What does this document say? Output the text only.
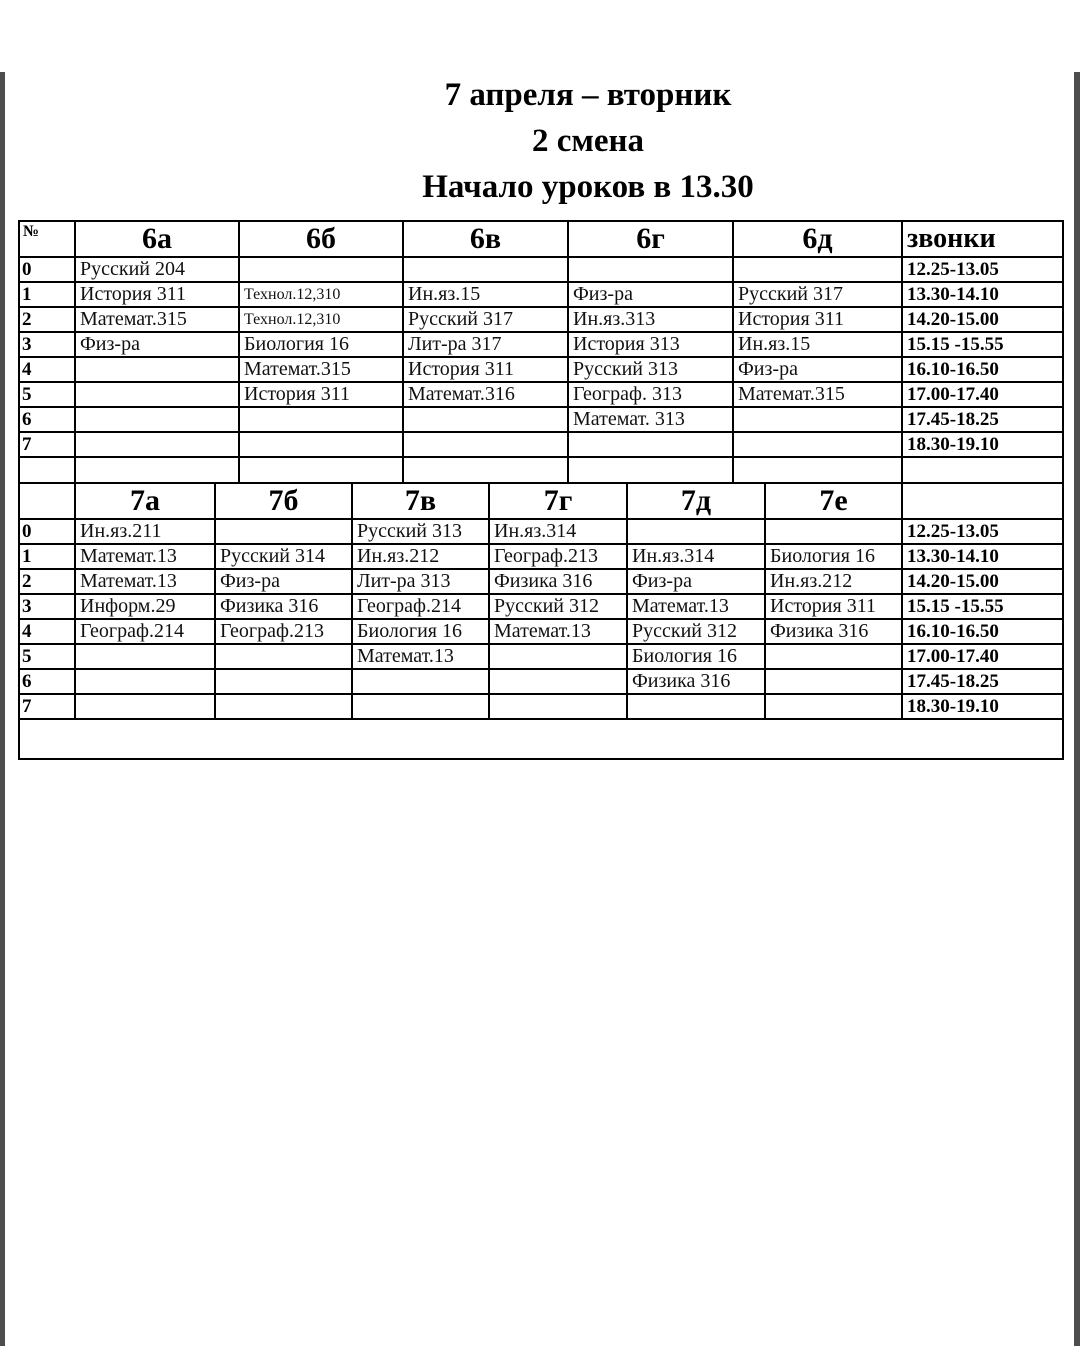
7 апреля – вторник
2 смена
Начало уроков в 13.30
№	6а	6б	6в	6г	6д	звонки
0	Русский 204					12.25-13.05
1	История 311	Технол.12,310	Ин.яз.15	Физ-ра	Русский 317	13.30-14.10
2	Математ.315	Технол.12,310	Русский 317	Ин.яз.313	История 311	14.20-15.00
3	Физ-ра	Биология 16	Лит-ра 317	История 313	Ин.яз.15	15.15 -15.55
4		Математ.315	История 311	Русский 313	Физ-ра	16.10-16.50
5		История 311	Математ.316	Географ. 313	Математ.315	17.00-17.40
6				Математ. 313		17.45-18.25
7						18.30-19.10

	7а	7б	7в	7г	7д	7е	
0	Ин.яз.211		Русский 313	Ин.яз.314			12.25-13.05
1	Математ.13	Русский 314	Ин.яз.212	Географ.213	Ин.яз.314	Биология 16	13.30-14.10
2	Математ.13	Физ-ра	Лит-ра 313	Физика 316	Физ-ра	Ин.яз.212	14.20-15.00
3	Информ.29	Физика 316	Географ.214	Русский 312	Математ.13	История 311	15.15 -15.55
4	Географ.214	Географ.213	Биология 16	Математ.13	Русский 312	Физика 316	16.10-16.50
5			Математ.13		Биология 16		17.00-17.40
6					Физика 316		17.45-18.25
7							18.30-19.10
